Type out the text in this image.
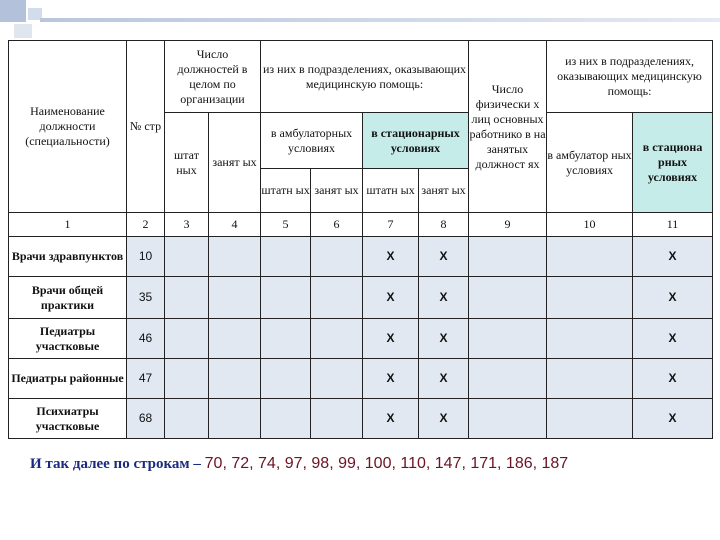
Наименование должности (специальности)	№ стр	Число должностей в целом по организации		из них в подразделениях, оказывающих медицинскую помощь:				Число физически х лиц основных работнико в на занятых должност ях	из них в подразделениях, оказывающих медицинскую помощь:	
		штат ных	занят ых	в амбулаторных условиях		в стационарных условиях			в амбулатор ных условиях	в стациона рных условиях
				штатн ых	занят ых	штатн ых	занят ых			
1	2	3	4	5	6	7	8	9	10	11
Врачи здравпунктов	10					X	X			X
Врачи общей практики	35					X	X			X
Педиатры участковые	46					X	X			X
Педиатры районные	47					X	X			X
Психиатры участковые	68					X	X			X
И так далее по строкам – 70, 72, 74, 97, 98, 99, 100, 110, 147, 171, 186, 187
